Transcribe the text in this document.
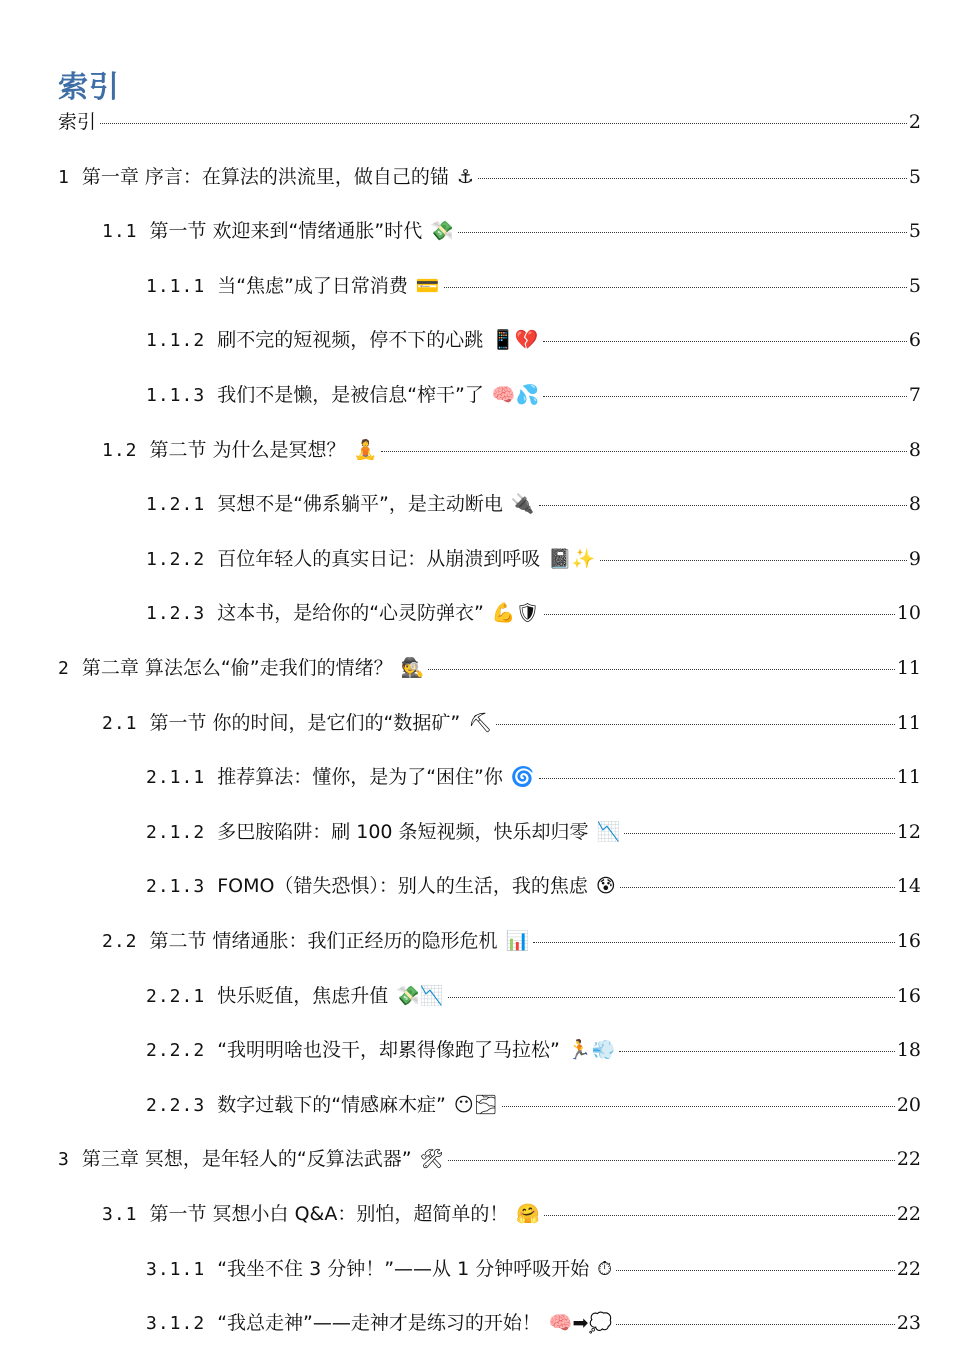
索引
索引	2
1 第一章 序言：在算法的洪流里，做自己的锚 ⚓	5
1.1 第一节 欢迎来到“情绪通胀”时代 💸	5
1.1.1 当“焦虑”成了日常消费 💳	5
1.1.2 刷不完的短视频，停不下的心跳 📱💔	6
1.1.3 我们不是懒，是被信息“榨干”了 🧠💦	7
1.2 第二节 为什么是冥想？ 🧘	8
1.2.1 冥想不是“佛系躺平”，是主动断电 🔌	8
1.2.2 百位年轻人的真实日记：从崩溃到呼吸 📓✨	9
1.2.3 这本书，是给你的“心灵防弹衣” 💪🛡	10
2 第二章 算法怎么“偷”走我们的情绪？ 🕵	11
2.1 第一节 你的时间，是它们的“数据矿” ⛏	11
2.1.1 推荐算法：懂你，是为了“困住”你 🌀	11
2.1.2 多巴胺陷阱：刷 100 条短视频，快乐却归零 📉	12
2.1.3 FOMO（错失恐惧）：别人的生活，我的焦虑 😰	14
2.2 第二节 情绪通胀：我们正经历的隐形危机 📊	16
2.2.1 快乐贬值，焦虑升值 💸📉	16
2.2.2 “我明明啥也没干，却累得像跑了马拉松” 🏃💨	18
2.2.3 数字过载下的“情感麻木症” 😶🌫	20
3 第三章 冥想，是年轻人的“反算法武器” 🛠	22
3.1 第一节 冥想小白 Q&A：别怕，超简单的！ 🤗	22
3.1.1 “我坐不住 3 分钟！”——从 1 分钟呼吸开始 ⏱	22
3.1.2 “我总走神”——走神才是练习的开始！ 🧠➡💭	23
